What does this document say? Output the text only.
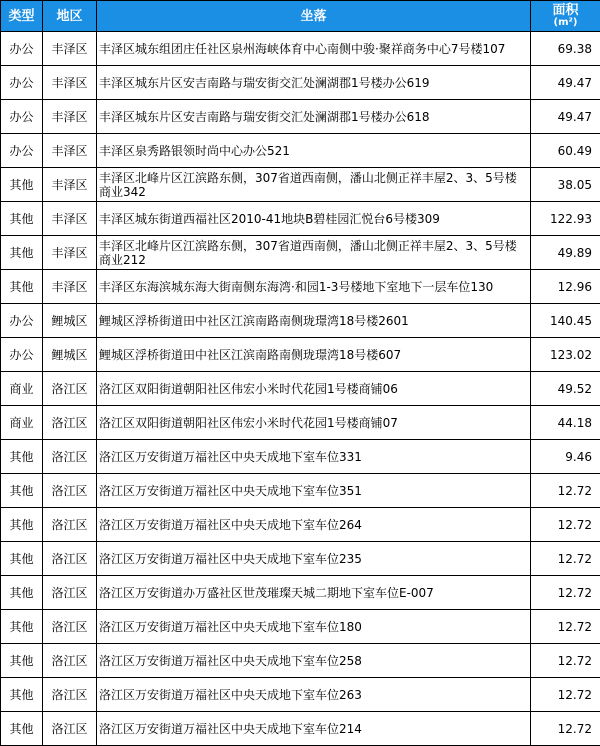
类型	地区	坐落	面积
(m²)

办公	丰泽区	丰泽区城东组团庄任社区泉州海峡体育中心南侧中骏·聚祥商务中心7号楼107	69.38
办公	丰泽区	丰泽区城东片区安吉南路与瑞安街交汇处澜湖郡1号楼办公619	49.47
办公	丰泽区	丰泽区城东片区安吉南路与瑞安街交汇处澜湖郡1号楼办公618	49.47
办公	丰泽区	丰泽区泉秀路银领时尚中心办公521	60.49
其他	丰泽区	丰泽区北峰片区江滨路东侧，307省道西南侧，潘山北侧正祥丰屋2、3、5号楼商业342	38.05
其他	丰泽区	丰泽区城东街道西福社区2010-41地块B碧桂园汇悦台6号楼309	122.93
其他	丰泽区	丰泽区北峰片区江滨路东侧，307省道西南侧，潘山北侧正祥丰屋2、3、5号楼商业212	49.89
其他	丰泽区	丰泽区东海滨城东海大街南侧东海湾·和园1-3号楼地下室地下一层车位130	12.96
办公	鲤城区	鲤城区浮桥街道田中社区江滨南路南侧珑璟湾18号楼2601	140.45
办公	鲤城区	鲤城区浮桥街道田中社区江滨南路南侧珑璟湾18号楼607	123.02
商业	洛江区	洛江区双阳街道朝阳社区伟宏小米时代花园1号楼商铺06	49.52
商业	洛江区	洛江区双阳街道朝阳社区伟宏小米时代花园1号楼商铺07	44.18
其他	洛江区	洛江区万安街道万福社区中央天成地下室车位331	9.46
其他	洛江区	洛江区万安街道万福社区中央天成地下室车位351	12.72
其他	洛江区	洛江区万安街道万福社区中央天成地下室车位264	12.72
其他	洛江区	洛江区万安街道万福社区中央天成地下室车位235	12.72
其他	洛江区	洛江区万安街道办万盛社区世茂璀璨天城二期地下室车位E-007	12.72
其他	洛江区	洛江区万安街道万福社区中央天成地下室车位180	12.72
其他	洛江区	洛江区万安街道万福社区中央天成地下室车位258	12.72
其他	洛江区	洛江区万安街道万福社区中央天成地下室车位263	12.72
其他	洛江区	洛江区万安街道万福社区中央天成地下室车位214	12.72
